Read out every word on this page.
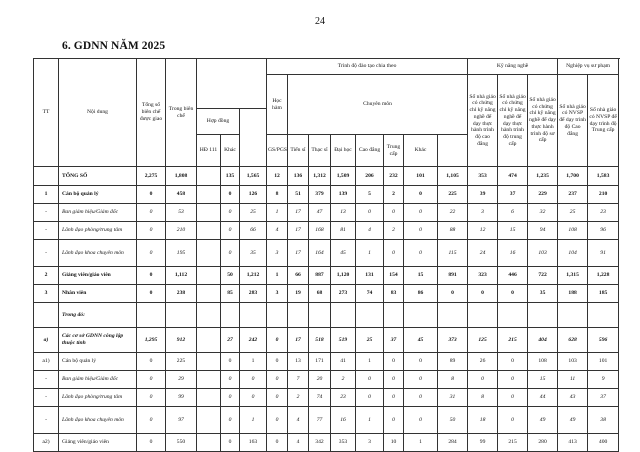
24
6. GDNN NĂM 2025
TT	Nội dung	Tổng số biên chế được giao	Trong biên chế				Trình độ đào tạo chia theo								Kỹ năng nghề			Nghiệp vụ sư phạm		
							Học hàm	Chuyên môn							Số nhà giáo có chứng chỉ kỹ năng nghề để dạy thực hành trình độ cao đẳng	Số nhà giáo có chứng chỉ kỹ năng nghề để dạy thực hành trình độ trung cấp	Số nhà giáo có chứng chỉ kỹ năng nghề để dạy thực hành trình độ sơ cấp	Số nhà giáo có NVSP để dạy trình độ Cao đẳng	Số nhà giáo có NVSP để dạy trình độ Trung cấp	
				Hợp đồng																
				HĐ 111	Khác		GS/PGS	Tiến sĩ	Thạc sĩ	Đại học	Cao đẳng	Trung cấp	Khác							
	TỔNG SỐ	2,275	1,808		135	1,565	12	136	1,312	1,509	206	232	101	1,105	353	474	1,235	1,700	1,583	
1	Cán bộ quản lý	0	458		0	126	8	51	379	139	5	2	0	225	39	37	229	237	210	
-	Ban giám hiệu/Giám đốc	0	53		0	25	1	17	47	13	0	0	0	22	3	6	32	25	23	
-	Lãnh đạo phòng/trung tâm	0	210		0	66	4	17	168	81	4	2	0	88	12	15	94	108	96	
-	Lãnh đạo khoa chuyên môn	0	195		0	35	3	17	164	45	1	0	0	115	24	16	103	104	91	
2	Giảng viên/giáo viên	0	1,112		50	1,212	1	66	887	1,120	131	154	15	891	323	446	722	1,315	1,228	
3	Nhân viên	0	238		85	283	3	19	68	273	74	83	86	0	0	0	35	188	185	
	Trong đó:																			
a)	Các cơ sở GDNN công lập thuộc tỉnh	1,295	912		27	242	0	17	518	519	25	37	45	373	125	215	404	628	596	
a1)	Cán bộ quản lý	0	225		0	1	0	13	171	41	1	0	0	89	26	0	108	103	101	
-	Ban giám hiệu/Giám đốc	0	29		0	0	0	7	20	2	0	0	0	8	0	0	15	11	9	
-	Lãnh đạo phòng/trung tâm	0	99		0	0	0	2	74	23	0	0	0	31	8	0	44	43	37	
-	Lãnh đạo khoa chuyên môn	0	97		0	1	0	4	77	16	1	0	0	50	18	0	49	49	38	
a2)	Giảng viên/giáo viên	0	550		0	163	0	4	342	353	3	10	1	284	99	215	280	413	400	
